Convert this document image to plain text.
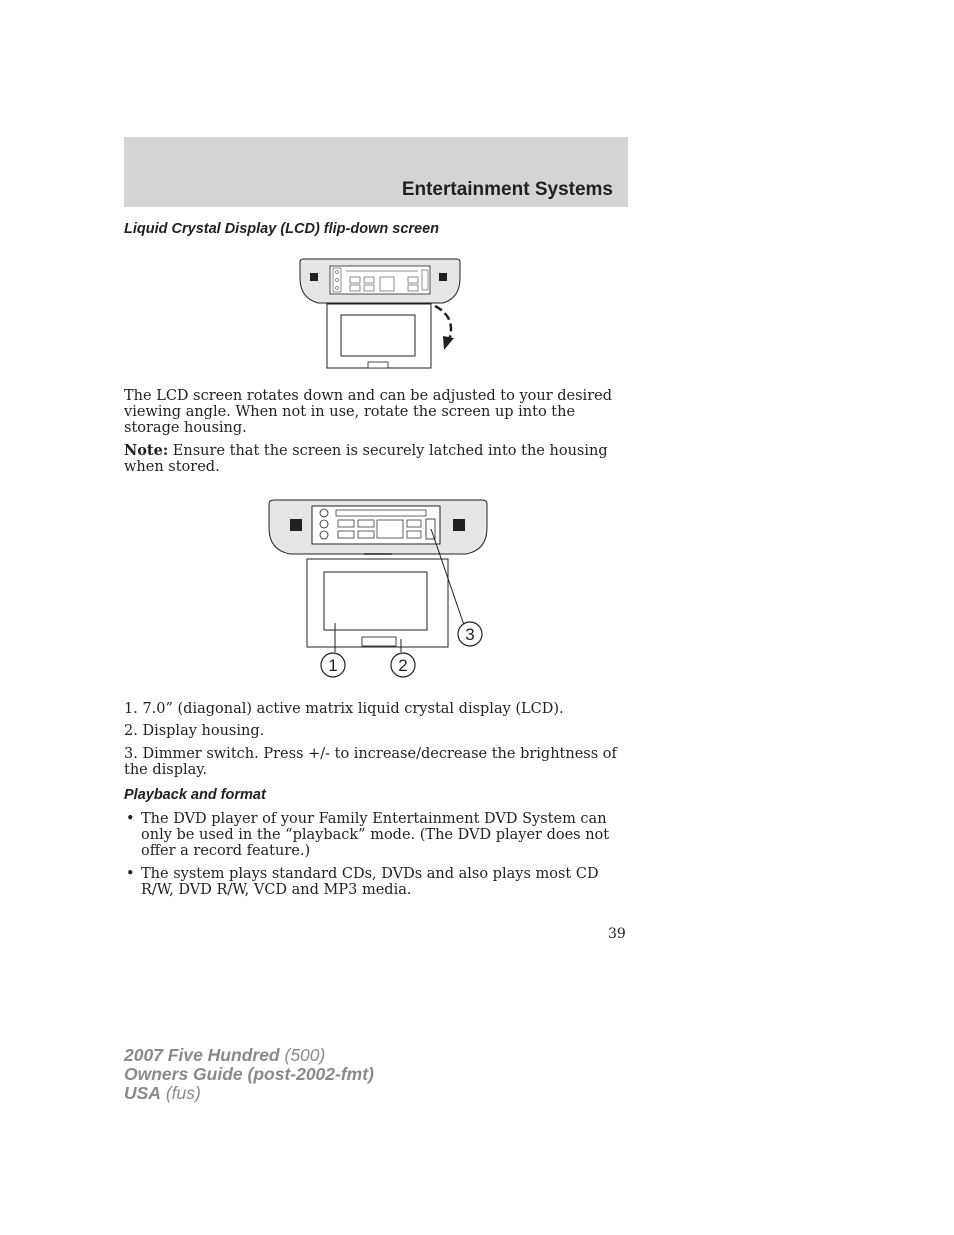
Entertainment Systems
Liquid Crystal Display (LCD) flip-down screen

The LCD screen rotates down and can be adjusted to your desired viewing angle. When not in use, rotate the screen up into the storage housing.

Note: Ensure that the screen is securely latched into the housing when stored.

1	2
3

1. 7.0” (diagonal) active matrix liquid crystal display (LCD).

2. Display housing.

3. Dimmer switch. Press +/- to increase/decrease the brightness of the display.

Playback and format
• The DVD player of your Family Entertainment DVD System can only be used in the “playback” mode. (The DVD player does not offer a record feature.)
• The system plays standard CDs, DVDs and also plays most CD R/W, DVD R/W, VCD and MP3 media.
39
2007 Five Hundred (500)
Owners Guide (post-2002-fmt)
USA (fus)
